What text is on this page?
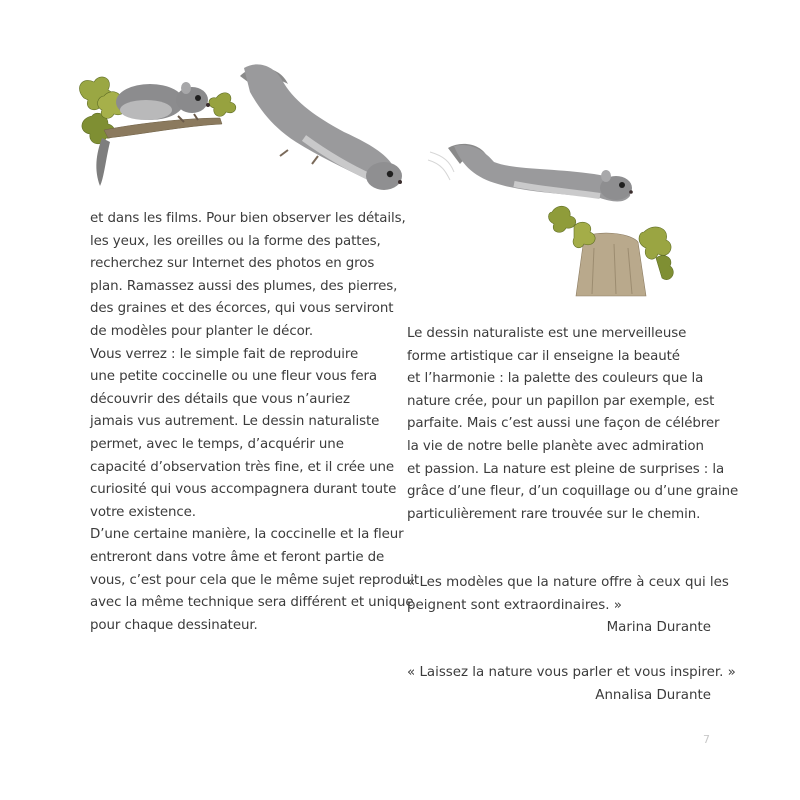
et dans les films. Pour bien observer les détails,
les yeux, les oreilles ou la forme des pattes,
recherchez sur Internet des photos en gros
plan. Ramassez aussi des plumes, des pierres,
des graines et des écorces, qui vous serviront
de modèles pour planter le décor.
Vous verrez : le simple fait de reproduire
une petite coccinelle ou une fleur vous fera
découvrir des détails que vous n’auriez
jamais vus autrement. Le dessin naturaliste
permet, avec le temps, d’acquérir une
capacité d’observation très fine, et il crée une
curiosité qui vous accompagnera durant toute
votre existence.
D’une certaine manière, la coccinelle et la fleur
entreront dans votre âme et feront partie de
vous, c’est pour cela que le même sujet reproduit
avec la même technique sera différent et unique
pour chaque dessinateur.
Le dessin naturaliste est une merveilleuse
forme artistique car il enseigne la beauté
et l’harmonie : la palette des couleurs que la
nature crée, pour un papillon par exemple, est
parfaite. Mais c’est aussi une façon de célébrer
la vie de notre belle planète avec admiration
et passion. La nature est pleine de surprises : la
grâce d’une fleur, d’un coquillage ou d’une graine
particulièrement rare trouvée sur le chemin.
« Les modèles que la nature offre à ceux qui les
peignent sont extraordinaires. »
Marina Durante
« Laissez la nature vous parler et vous inspirer. »
Annalisa Durante
7
